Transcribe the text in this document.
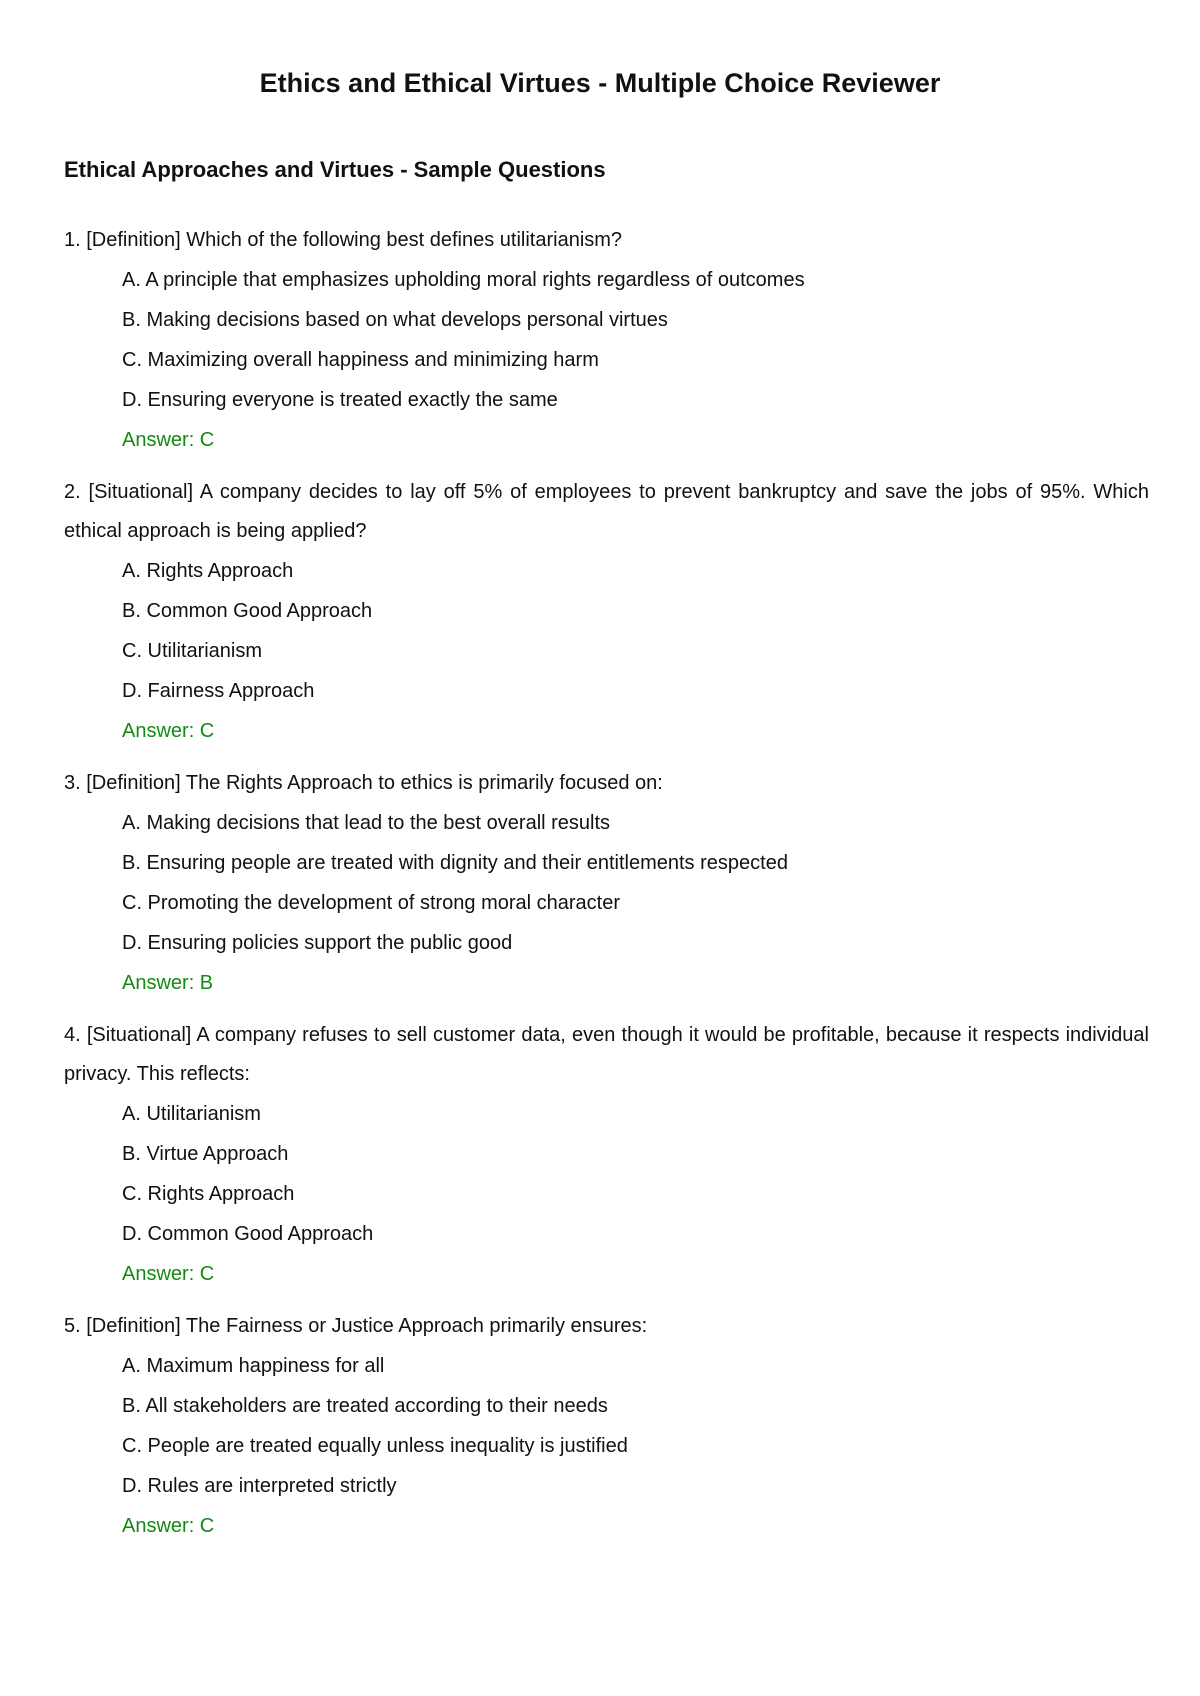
Ethics and Ethical Virtues - Multiple Choice Reviewer
Ethical Approaches and Virtues - Sample Questions

1. [Definition] Which of the following best defines utilitarianism?

A. A principle that emphasizes upholding moral rights regardless of outcomes
B. Making decisions based on what develops personal virtues
C. Maximizing overall happiness and minimizing harm
D. Ensuring everyone is treated exactly the same

Answer: C

2. [Situational] A company decides to lay off 5% of employees to prevent bankruptcy and save the jobs of 95%. Which ethical approach is being applied?

A. Rights Approach
B. Common Good Approach
C. Utilitarianism
D. Fairness Approach

Answer: C

3. [Definition] The Rights Approach to ethics is primarily focused on:

A. Making decisions that lead to the best overall results
B. Ensuring people are treated with dignity and their entitlements respected
C. Promoting the development of strong moral character
D. Ensuring policies support the public good

Answer: B

4. [Situational] A company refuses to sell customer data, even though it would be profitable, because it respects individual privacy. This reflects:

A. Utilitarianism
B. Virtue Approach
C. Rights Approach
D. Common Good Approach

Answer: C

5. [Definition] The Fairness or Justice Approach primarily ensures:

A. Maximum happiness for all
B. All stakeholders are treated according to their needs
C. People are treated equally unless inequality is justified
D. Rules are interpreted strictly

Answer: C
